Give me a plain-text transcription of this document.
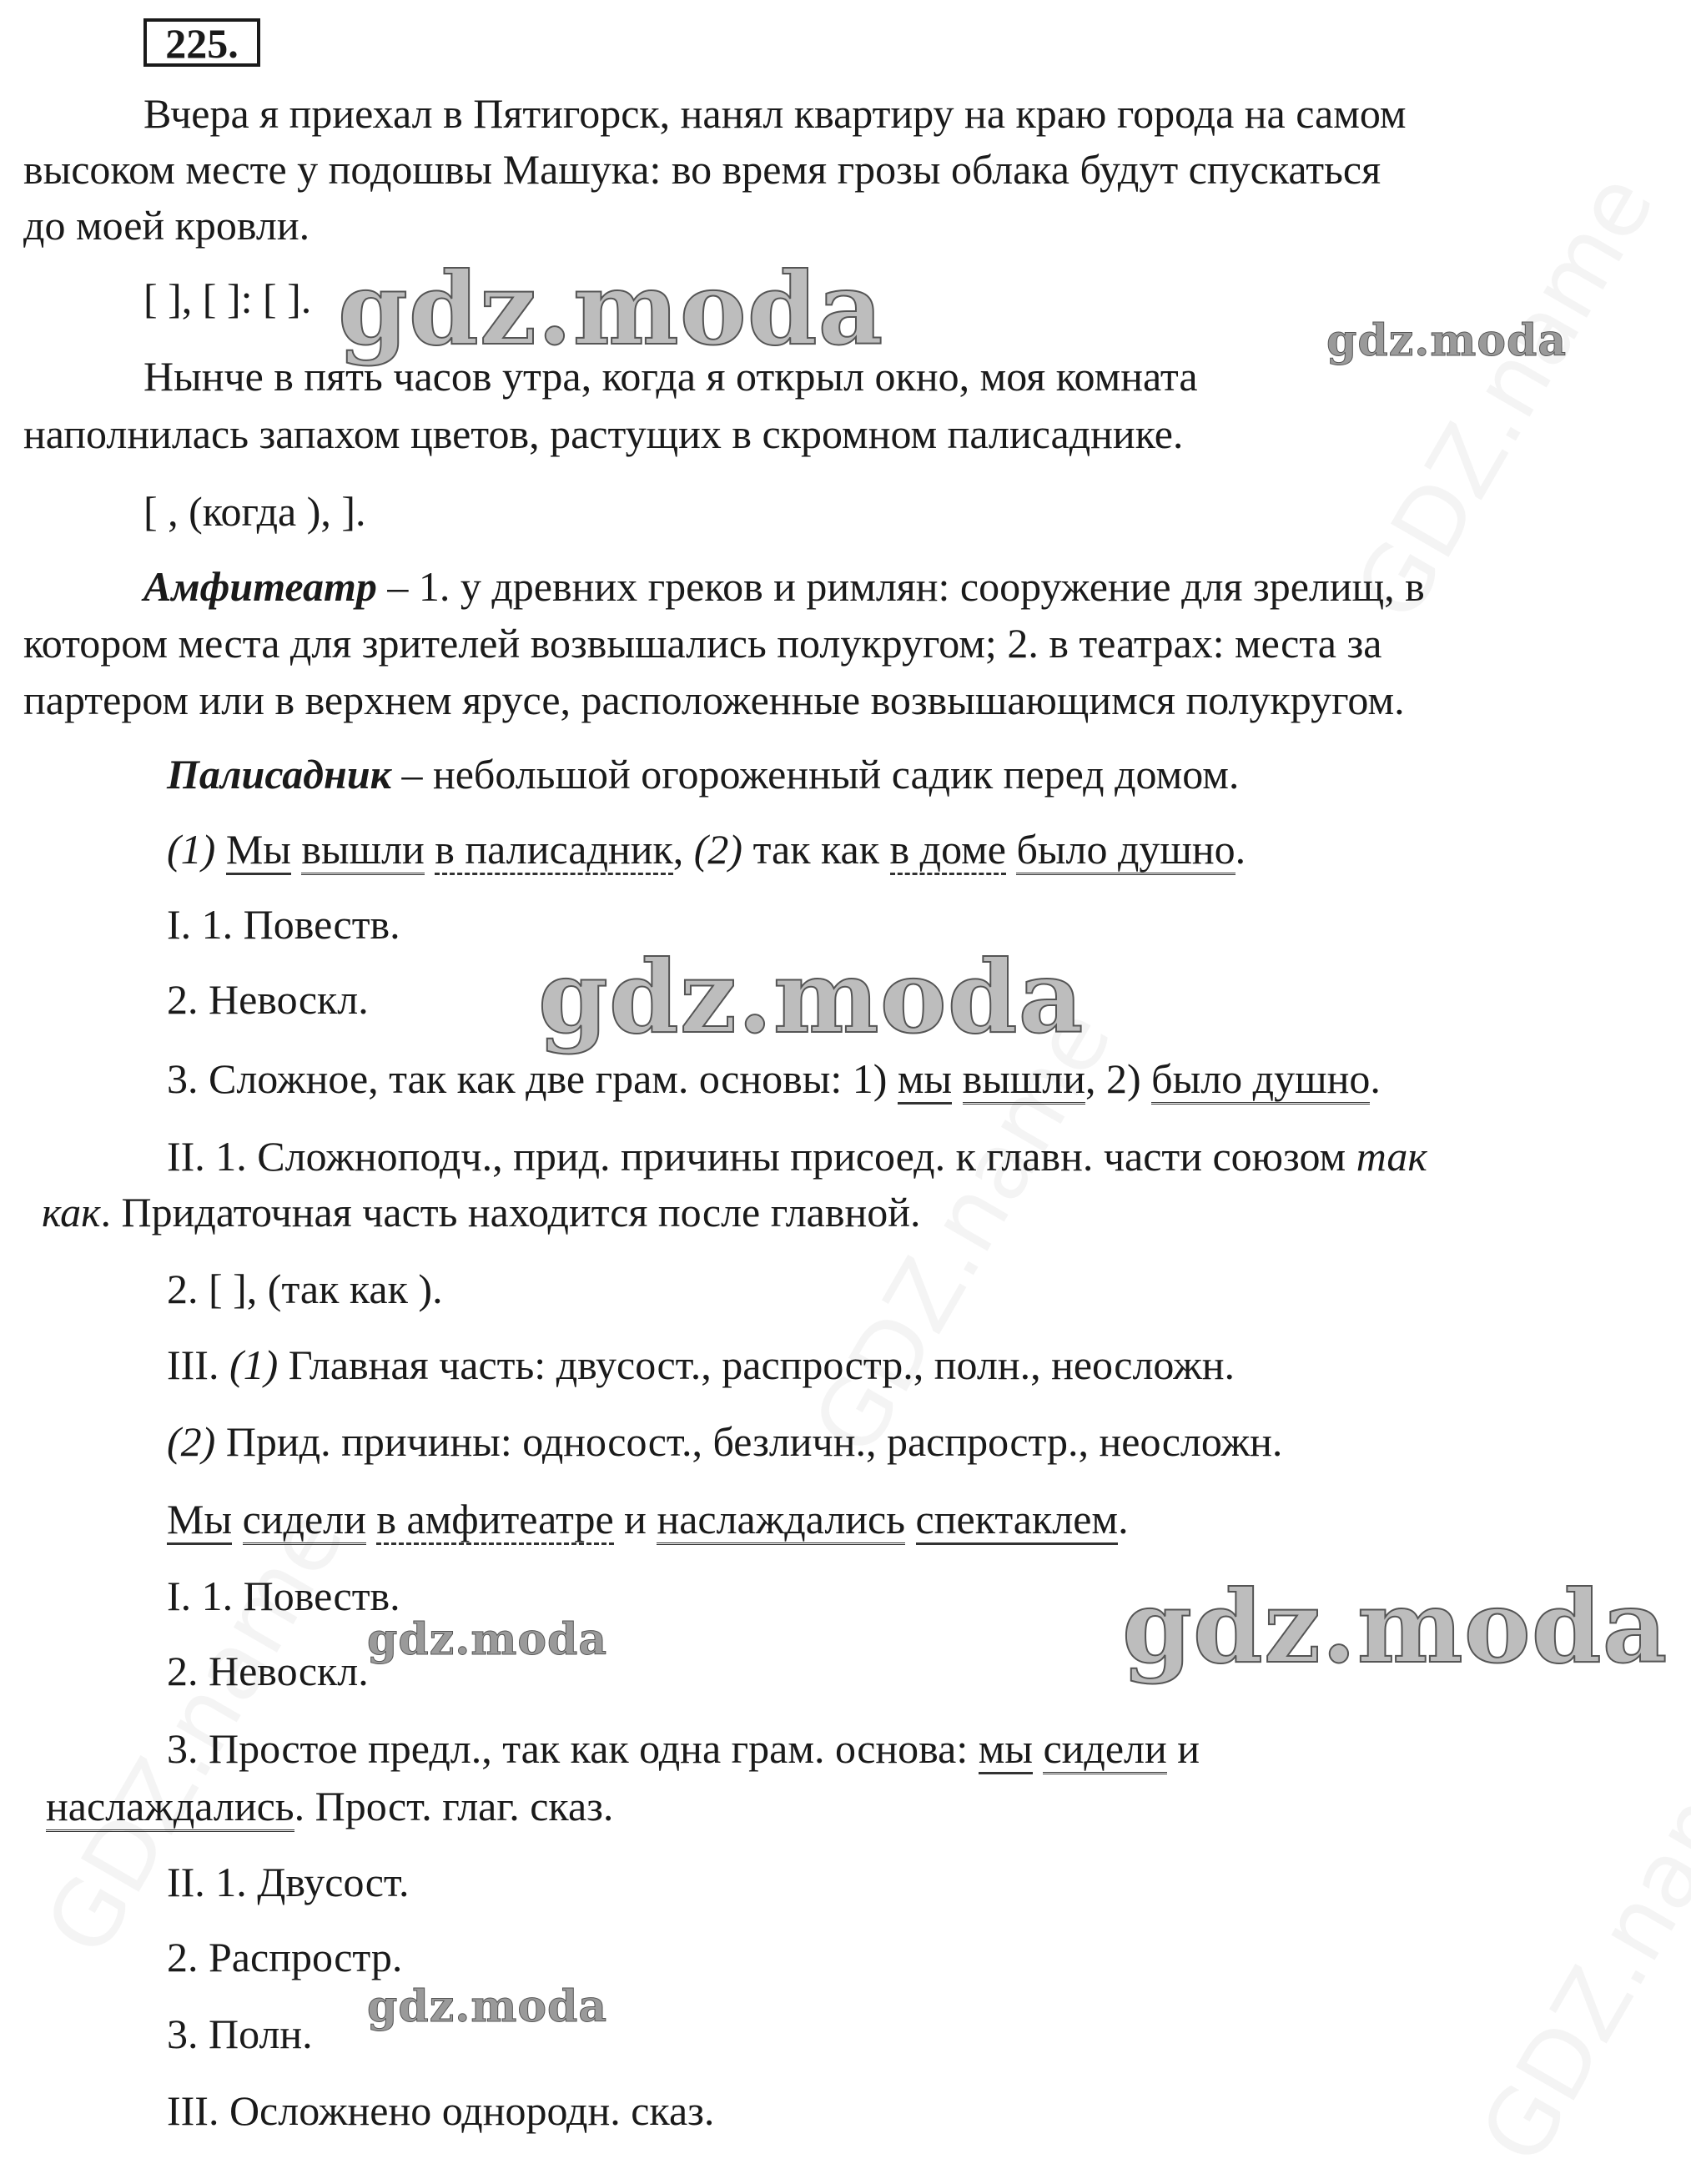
225.
Вчера я приехал в Пятигорск, нанял квартиру на краю города на самом
высоком месте у подошвы Машука: во время грозы облака будут спускаться
до моей кровли.
[ ], [ ]: [ ].
Нынче в пять часов утра, когда я открыл окно, моя комната
наполнилась запахом цветов, растущих в скромном палисаднике.
[ , (когда ), ].
Амфитеатр – 1. у древних греков и римлян: сооружение для зрелищ, в
котором места для зрителей возвышались полукругом; 2. в театрах: места за
партером или в верхнем ярусе, расположенные возвышающимся полукругом.
Палисадник – небольшой огороженный садик перед домом.
(1) Мы вышли в палисадник, (2) так как в доме было душно.
I. 1. Повеств.
2. Невоскл.
3. Сложное, так как две грам. основы: 1) мы вышли, 2) было душно.
II. 1. Сложноподч., прид. причины присоед. к главн. части союзом так
как. Придаточная часть находится после главной.
2. [ ], (так как ).
III. (1) Главная часть: двусост., распростр., полн., неосложн.
(2) Прид. причины: односост., безличн., распростр., неосложн.
Мы сидели в амфитеатре и наслаждались спектаклем.
I. 1. Повеств.
2. Невоскл.
3. Простое предл., так как одна грам. основа: мы сидели и
наслаждались. Прост. глаг. сказ.
II. 1. Двусост.
2. Распростр.
3. Полн.
III. Осложнено однородн. сказ.
gdz.moda	gdz.moda
gdz.moda
gdz.moda
gdz.moda
gdz.moda
